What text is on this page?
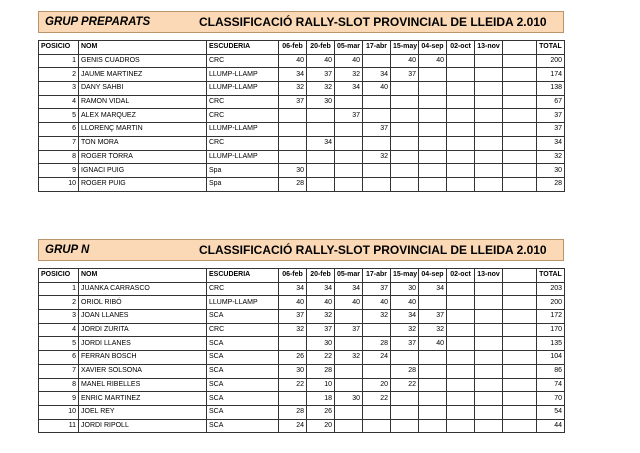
GRUP PREPARATS	CLASSIFICACIÓ RALLY-SLOT PROVINCIAL DE LLEIDA 2.010
POSICIO	NOM	ESCUDERIA	06-feb	20-feb	05-mar	17-abr	15-may	04-sep	02-oct	13-nov		TOTAL
1	GENIS CUADROS	CRC	40	40	40		40	40				200
2	JAUME MARTINEZ	LLUMP-LLAMP	34	37	32	34	37					174
3	DANY SAHBI	LLUMP-LLAMP	32	32	34	40						138
4	RAMON VIDAL	CRC	37	30								67
5	ALEX MARQUEZ	CRC			37							37
6	LLORENÇ MARTIN	LLUMP-LLAMP				37						37
7	TON MORA	CRC		34								34
8	ROGER TORRA	LLUMP-LLAMP				32						32
9	IGNACI PUIG	Spa	30									30
10	ROGER PUIG	Spa	28									28
GRUP N	CLASSIFICACIÓ RALLY-SLOT PROVINCIAL DE LLEIDA 2.010
POSICIO	NOM	ESCUDERIA	06-feb	20-feb	05-mar	17-abr	15-may	04-sep	02-oct	13-nov		TOTAL
1	JUANKA CARRASCO	CRC	34	34	34	37	30	34				203
2	ORIOL RIBÓ	LLUMP-LLAMP	40	40	40	40	40					200
3	JOAN LLANES	SCA	37	32		32	34	37				172
4	JORDI ZURITA	CRC	32	37	37		32	32				170
5	JORDI LLANES	SCA		30		28	37	40				135
6	FERRAN BOSCH	SCA	26	22	32	24						104
7	XAVIER SOLSONA	SCA	30	28			28					86
8	MANEL RIBELLES	SCA	22	10		20	22					74
9	ENRIC MARTINEZ	SCA		18	30	22						70
10	JOEL REY	SCA	28	26								54
11	JORDI RIPOLL	SCA	24	20								44
